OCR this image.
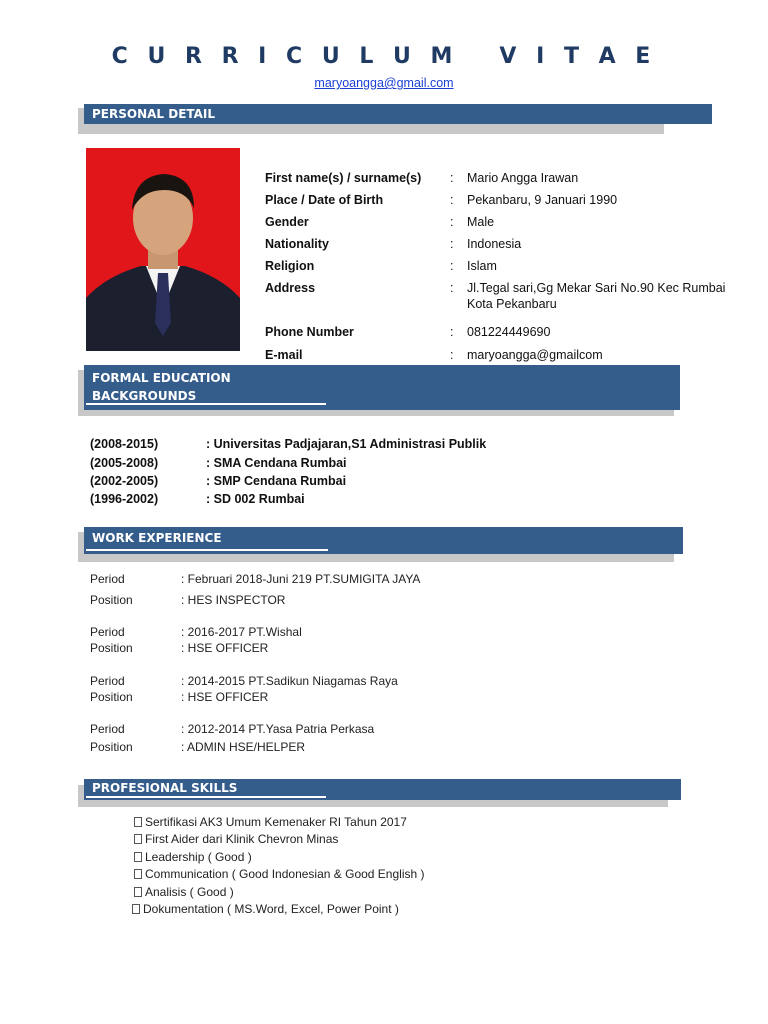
C U R R I C U L U M   V I T A E
maryoangga@gmail.com
PERSONAL DETAIL
First name(s) / surname(s) : Mario Angga Irawan
Place / Date of Birth	: Pekanbaru, 9 Januari 1990
Gender	: Male
Nationality	: Indonesia
Religion	: Islam
Address	: Jl.Tegal sari,Gg Mekar Sari No.90 Kec Rumbai
Kota Pekanbaru
Phone Number	: 081224449690
E-mail	: maryoangga@gmailcom
FORMAL EDUCATION
BACKGROUNDS
(2008-2015)	: Universitas Padjajaran,S1 Administrasi Publik
(2005-2008)	: SMA Cendana Rumbai
(2002-2005)	: SMP Cendana Rumbai
(1996-2002)	: SD 002 Rumbai
WORK EXPERIENCE
Period	: Februari 2018-Juni 219 PT.SUMIGITA JAYA
Position	: HES INSPECTOR
Period	: 2016-2017 PT.Wishal
Position	: HSE OFFICER
Period	: 2014-2015 PT.Sadikun Niagamas Raya
Position	: HSE OFFICER
Period	: 2012-2014 PT.Yasa Patria Perkasa
Position	: ADMIN HSE/HELPER
PROFESIONAL SKILLS
Sertifikasi AK3 Umum Kemenaker RI Tahun 2017
First Aider dari Klinik Chevron Minas
Leadership ( Good )
Communication ( Good Indonesian & Good English )
Analisis ( Good )
Dokumentation ( MS.Word, Excel, Power Point )
